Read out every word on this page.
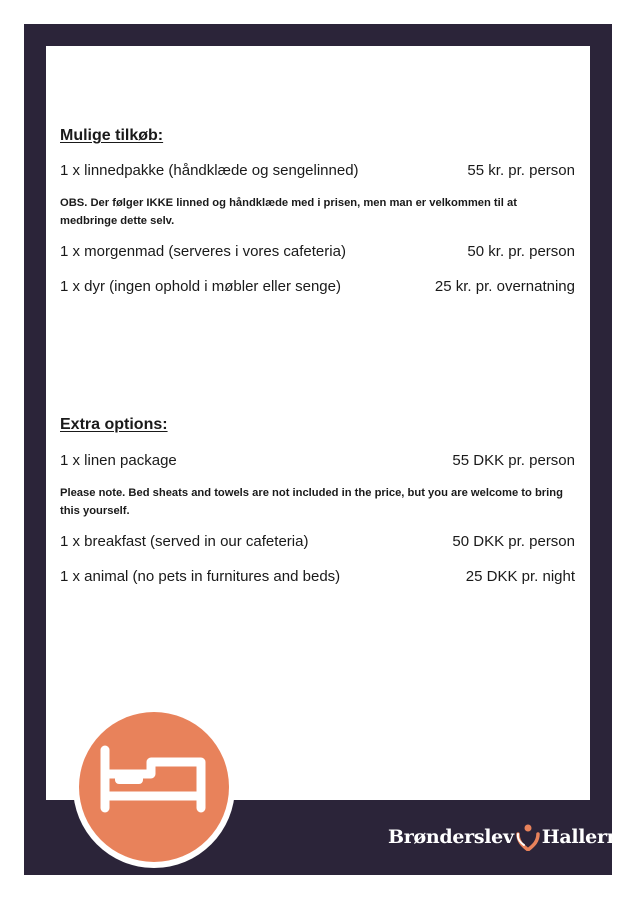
Mulige tilkøb:
1 x linnedpakke (håndklæde og sengelinned)	55 kr. pr. person
OBS. Der følger IKKE linned og håndklæde med i prisen, men man er velkommen til at medbringe dette selv.
1 x morgenmad (serveres i vores cafeteria)	50 kr. pr. person
1 x dyr (ingen ophold i møbler eller senge)	25 kr. pr. overnatning
Extra options:
1 x linen package	55 DKK pr. person
Please note. Bed sheats and towels are not included in the price, but you are welcome to bring this yourself.
1 x breakfast (served in our cafeteria)	50 DKK pr. person
1 x animal (no pets in furnitures and beds)	25 DKK pr. night
Brønderslev Hallerne
